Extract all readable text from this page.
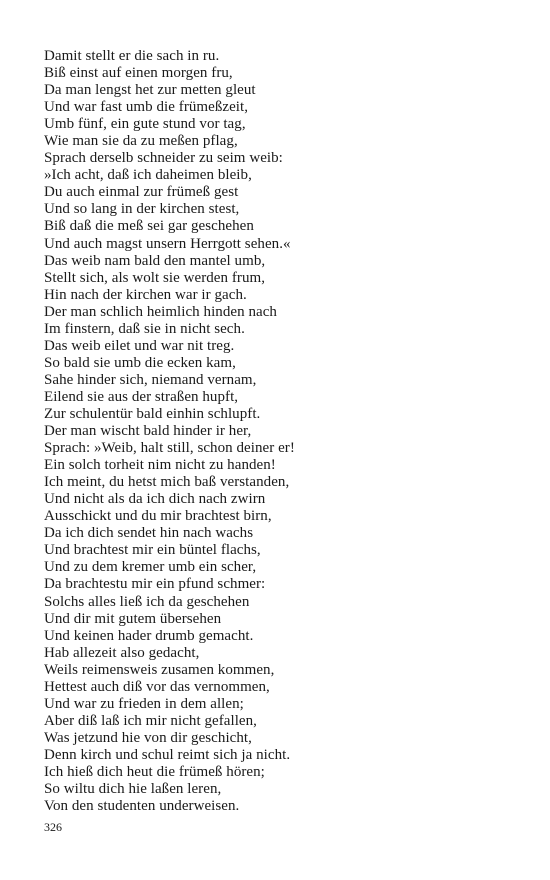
Damit stellt er die sach in ru.
Biß einst auf einen morgen fru,
Da man lengst het zur metten gleut
Und war fast umb die frümeßzeit,
Umb fünf, ein gute stund vor tag,
Wie man sie da zu meßen pflag,
Sprach derselb schneider zu seim weib:
»Ich acht, daß ich daheimen bleib,
Du auch einmal zur frümeß gest
Und so lang in der kirchen stest,
Biß daß die meß sei gar geschehen
Und auch magst unsern Herrgott sehen.«
Das weib nam bald den mantel umb,
Stellt sich, als wolt sie werden frum,
Hin nach der kirchen war ir gach.
Der man schlich heimlich hinden nach
Im finstern, daß sie in nicht sech.
Das weib eilet und war nit treg.
So bald sie umb die ecken kam,
Sahe hinder sich, niemand vernam,
Eilend sie aus der straßen hupft,
Zur schulentür bald einhin schlupft.
Der man wischt bald hinder ir her,
Sprach: »Weib, halt still, schon deiner er!
Ein solch torheit nim nicht zu handen!
Ich meint, du hetst mich baß verstanden,
Und nicht als da ich dich nach zwirn
Ausschickt und du mir brachtest birn,
Da ich dich sendet hin nach wachs
Und brachtest mir ein büntel flachs,
Und zu dem kremer umb ein scher,
Da brachtestu mir ein pfund schmer:
Solchs alles ließ ich da geschehen
Und dir mit gutem übersehen
Und keinen hader drumb gemacht.
Hab allezeit also gedacht,
Weils reimensweis zusamen kommen,
Hettest auch diß vor das vernommen,
Und war zu frieden in dem allen;
Aber diß laß ich mir nicht gefallen,
Was jetzund hie von dir geschicht,
Denn kirch und schul reimt sich ja nicht.
Ich hieß dich heut die frümeß hören;
So wiltu dich hie laßen leren,
Von den studenten underweisen.
326
